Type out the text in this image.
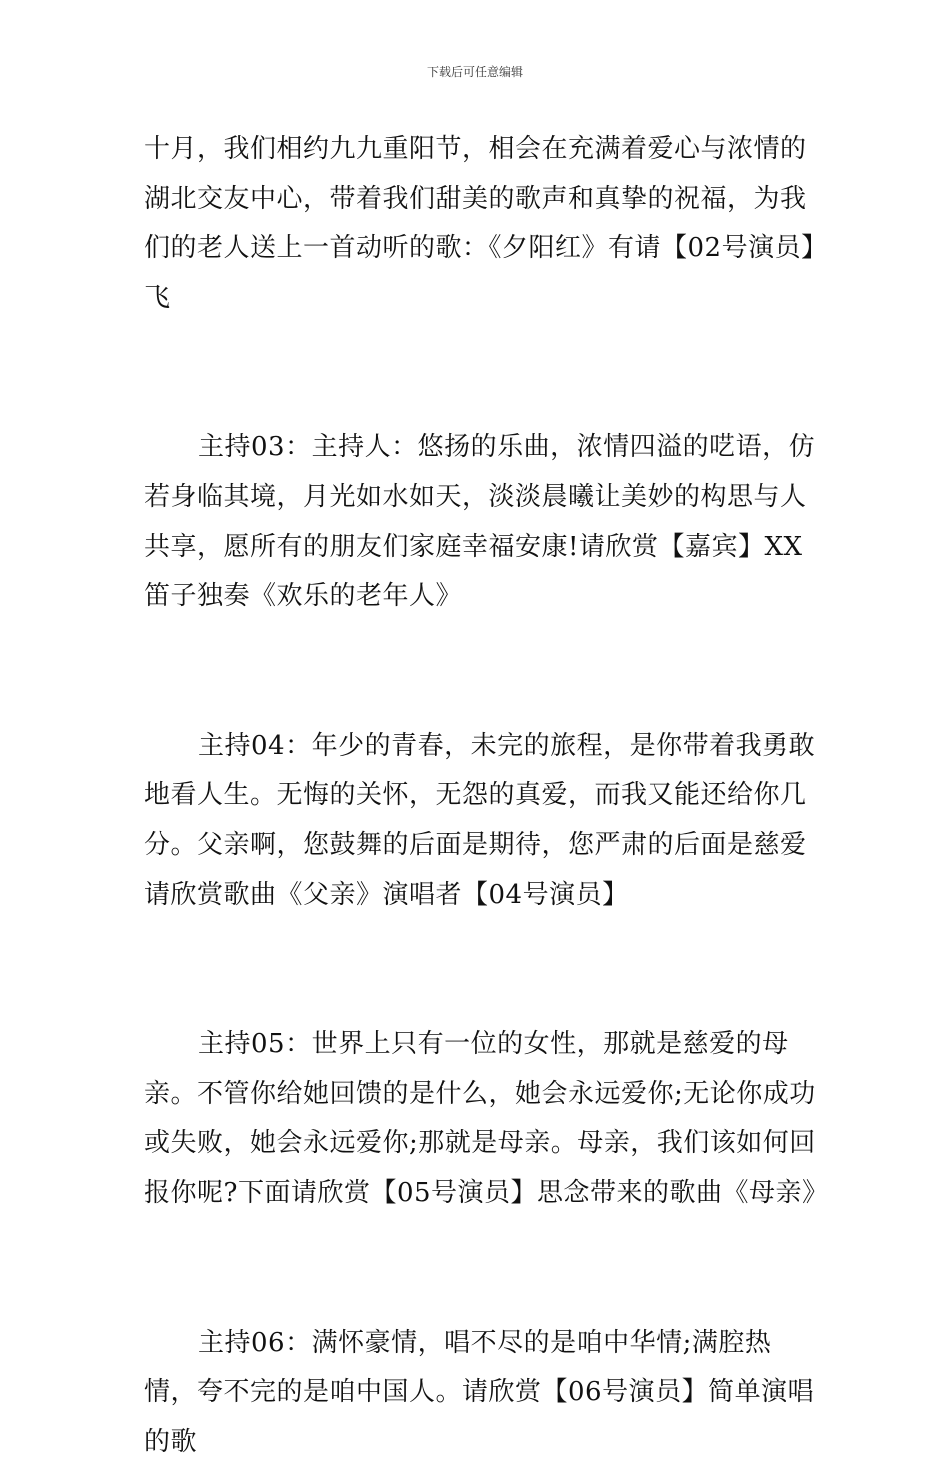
下载后可任意编辑

十月，我们相约九九重阳节，相会在充满着爱心与浓情的湖北交友中心，带着我们甜美的歌声和真挚的祝福，为我们的老人送上一首动听的歌：《夕阳红》有请【02号演员】飞

主持03：主持人：悠扬的乐曲，浓情四溢的呓语，仿若身临其境，月光如水如天，淡淡晨曦让美妙的构思与人共享，愿所有的朋友们家庭幸福安康!请欣赏【嘉宾】XX笛子独奏《欢乐的老年人》

主持04：年少的青春，未完的旅程，是你带着我勇敢地看人生。无悔的关怀，无怨的真爱，而我又能还给你几分。父亲啊，您鼓舞的后面是期待，您严肃的后面是慈爱请欣赏歌曲《父亲》演唱者【04号演员】

主持05：世界上只有一位的女性，那就是慈爱的母亲。不管你给她回馈的是什么，她会永远爱你;无论你成功或失败，她会永远爱你;那就是母亲。母亲，我们该如何回报你呢?下面请欣赏【05号演员】思念带来的歌曲《母亲》

主持06：满怀豪情，唱不尽的是咱中华情;满腔热情，夸不完的是咱中国人。请欣赏【06号演员】简单演唱的歌
